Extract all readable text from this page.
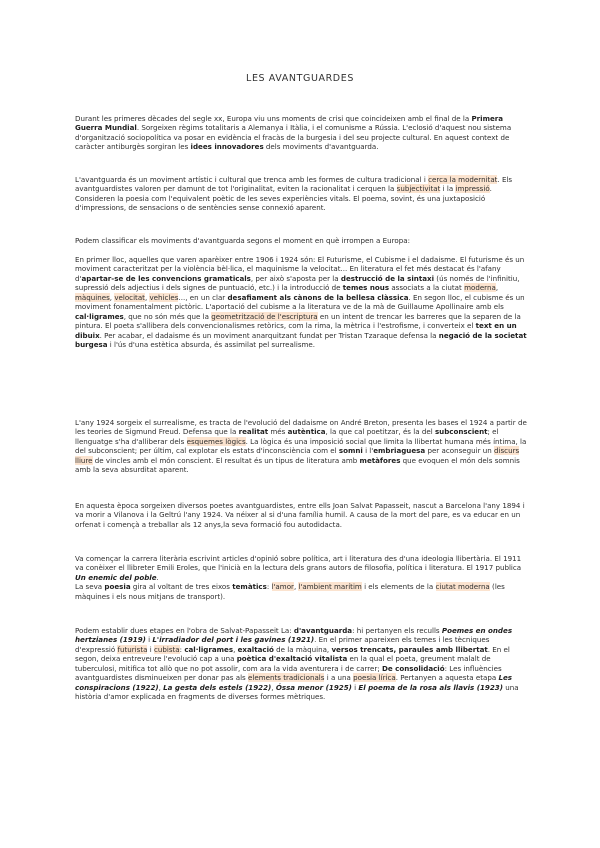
LES AVANTGUARDES

Durant les primeres dècades del segle xx, Europa viu uns moments de crisi que coincideixen amb el final de la Primera Guerra Mundial. Sorgeixen règims totalitaris a Alemanya i Itàlia, i el comunisme a Rússia. L'eclosió d'aquest nou sistema d'organització sociopolítica va posar en evidència el fracàs de la burgesia i del seu projecte cultural. En aquest context de caràcter antiburgès sorgiran les idees innovadores dels moviments d'avantguarda.

L'avantguarda és un moviment artístic i cultural que trenca amb les formes de cultura tradicional i cerca la modernitat. Els avantguardistes valoren per damunt de tot l'originalitat, eviten la racionalitat i cerquen la subjectivitat i la impressió. Consideren la poesia com l'equivalent poètic de les seves experiències vitals. El poema, sovint, és una juxtaposició d'impressions, de sensacions o de sentències sense connexió aparent.

Podem classificar els moviments d'avantguarda segons el moment en què irrompen a Europa:

En primer lloc, aquelles que varen aparèixer entre 1906 i 1924 són: El Futurisme, el Cubisme i el dadaisme. El futurisme és un moviment caracteritzat per la violència bèl·lica, el maquinisme la velocitat... En literatura el fet més destacat és l'afany d'apartar-se de les convencions gramaticals, per això s'aposta per la destrucció de la sintaxi (ús només de l'infinitiu, supressió dels adjectius i dels signes de puntuació, etc.) i la introducció de temes nous associats a la ciutat moderna, màquines, velocitat, vehicles..., en un clar desafiament als cànons de la bellesa clàssica. En segon lloc, el cubisme és un moviment fonamentalment pictòric. L'aportació del cubisme a la literatura ve de la mà de Guillaume Apollinaire amb els cal·ligrames, que no són més que la geometrització de l'escriptura en un intent de trencar les barreres que la separen de la pintura. El poeta s'allibera dels convencionalismes retòrics, com la rima, la mètrica i l'estrofisme, i converteix el text en un dibuix. Per acabar, el dadaisme és un moviment anarquitzant fundat per Tristan Tzaraque defensa la negació de la societat burgesa i l'ús d'una estètica absurda, és assimilat pel surrealisme.

L'any 1924 sorgeix el surrealisme, es tracta de l'evolució del dadaisme on André Breton, presenta les bases el 1924 a partir de les teories de Sigmund Freud. Defensa que la realitat més autèntica, la que cal poetitzar, és la del subconscient; el llenguatge s'ha d'alliberar dels esquemes lògics. La lògica és una imposició social que limita la llibertat humana més íntima, la del subconscient; per últim, cal explotar els estats d'inconsciència com el somni i l'embriaguesa per aconseguir un discurs lliure de vincles amb el món conscient. El resultat és un tipus de literatura amb metàfores que evoquen el món dels somnis amb la seva absurditat aparent.

En aquesta època sorgeixen diversos poetes avantguardistes, entre ells Joan Salvat Papasseit, nascut a Barcelona l'any 1894 i va morir a Vilanova i la Geltrú l'any 1924. Va néixer al si d'una família humil. A causa de la mort del pare, es va educar en un orfenat i començà a treballar als 12 anys,la seva formació fou autodidacta.

Va començar la carrera literària escrivint articles d'opinió sobre política, art i literatura des d'una ideologia llibertària. El 1911 va conèixer el llibreter Emili Eroles, que l'inicià en la lectura dels grans autors de filosofia, política i literatura. El 1917 publica Un enemic del poble.
La seva poesia gira al voltant de tres eixos temàtics: l'amor, l'ambient marítim i els elements de la ciutat moderna (les màquines i els nous mitjans de transport).

Podem establir dues etapes en l'obra de Salvat-Papasseit La: d'avantguarda: hi pertanyen els reculls Poemes en ondes hertzianes (1919) i L'irradiador del port i les gavines (1921). En el primer apareixen els temes i les tècniques d'expressió futurista i cubista: cal·ligrames, exaltació de la màquina, versos trencats, paraules amb llibertat. En el segon, deixa entreveure l'evolució cap a una poètica d'exaltació vitalista en la qual el poeta, greument malalt de tuberculosi, mitifica tot allò que no pot assolir, com ara la vida aventurera i de carrer; De consolidació: Les influències avantguardistes disminueixen per donar pas als elements tradicionals i a una poesia lírica. Pertanyen a aquesta etapa Les conspiracions (1922), La gesta dels estels (1922), Óssa menor (1925) i El poema de la rosa als llavis (1923) una història d'amor explicada en fragments de diverses formes mètriques.
